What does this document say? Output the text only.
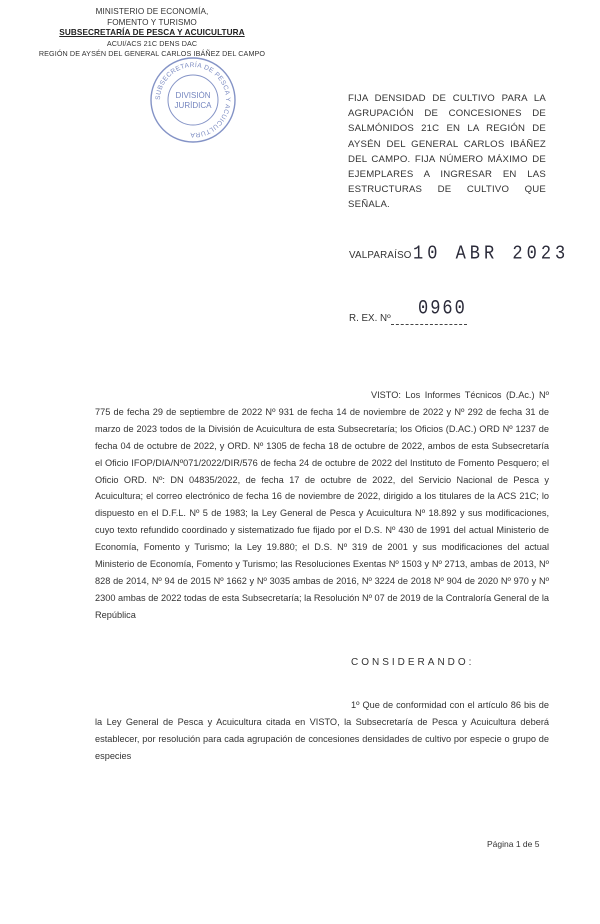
MINISTERIO DE ECONOMÍA,
FOMENTO Y TURISMO
SUBSECRETARÍA DE PESCA Y ACUICULTURA
ACUI/ACS 21C DENS DAC
REGIÓN DE AYSÉN DEL GENERAL CARLOS IBÁÑEZ DEL CAMPO
SUBSECRETARÍA DE PESCA Y ACUICULTURA
DIVISIÓN
JURÍDICA
FIJA DENSIDAD DE CULTIVO PARA LA AGRUPACIÓN DE CONCESIONES DE SALMÓNIDOS 21C EN LA REGIÓN DE AYSÉN DEL GENERAL CARLOS IBÁÑEZ DEL CAMPO. FIJA NÚMERO MÁXIMO DE EJEMPLARES A INGRESAR EN LAS ESTRUCTURAS DE CULTIVO QUE SEÑALA.
VALPARAÍSO 10 ABR 2023
R. EX. Nº 0960
VISTO: Los Informes Técnicos (D.Ac.) Nº 775 de fecha 29 de septiembre de 2022 Nº 931 de fecha 14 de noviembre de 2022 y Nº 292 de fecha 31 de marzo de 2023 todos de la División de Acuicultura de esta Subsecretaría; los Oficios (D.AC.) ORD Nº 1237 de fecha 04 de octubre de 2022, y ORD. Nº 1305 de fecha 18 de octubre de 2022, ambos de esta Subsecretaría el Oficio IFOP/DIA/Nº071/2022/DIR/576 de fecha 24 de octubre de 2022 del Instituto de Fomento Pesquero; el Oficio ORD. Nº: DN 04835/2022, de fecha 17 de octubre de 2022, del Servicio Nacional de Pesca y Acuicultura; el correo electrónico de fecha 16 de noviembre de 2022, dirigido a los titulares de la ACS 21C; lo dispuesto en el D.F.L. Nº 5 de 1983; la Ley General de Pesca y Acuicultura Nº 18.892 y sus modificaciones, cuyo texto refundido coordinado y sistematizado fue fijado por el D.S. Nº 430 de 1991 del actual Ministerio de Economía, Fomento y Turismo; la Ley 19.880; el D.S. Nº 319 de 2001 y sus modificaciones del actual Ministerio de Economía, Fomento y Turismo; las Resoluciones Exentas Nº 1503 y Nº 2713, ambas de 2013, Nº 828 de 2014, Nº 94 de 2015 Nº 1662 y Nº 3035 ambas de 2016, Nº 3224 de 2018 Nº 904 de 2020 Nº 970 y Nº 2300 ambas de 2022 todas de esta Subsecretaría; la Resolución Nº 07 de 2019 de la Contraloría General de la República
CONSIDERANDO:
1º Que de conformidad con el artículo 86 bis de la Ley General de Pesca y Acuicultura citada en VISTO, la Subsecretaría de Pesca y Acuicultura deberá establecer, por resolución para cada agrupación de concesiones densidades de cultivo por especie o grupo de especies
Página 1 de 5
